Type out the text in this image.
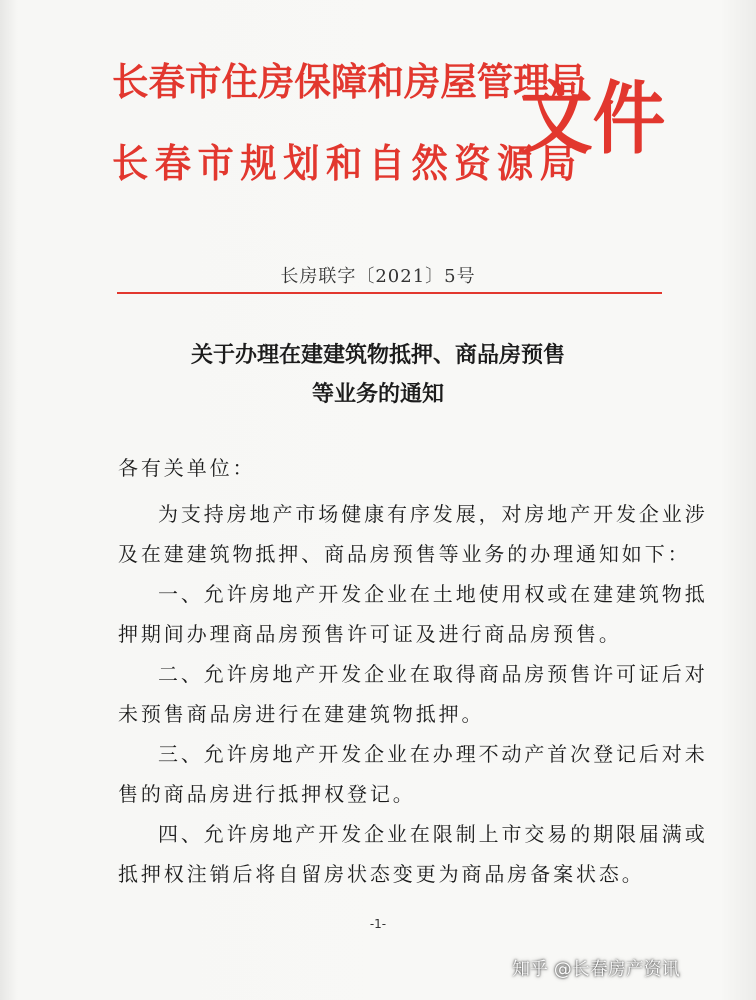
长春市住房保障和房屋管理局
长春市规划和自然资源局
文件
长房联字〔2021〕5号
关于办理在建建筑物抵押、商品房预售
等业务的通知
各有关单位：
为支持房地产市场健康有序发展，对房地产开发企业涉
及在建建筑物抵押、商品房预售等业务的办理通知如下：
一、允许房地产开发企业在土地使用权或在建建筑物抵
押期间办理商品房预售许可证及进行商品房预售。
二、允许房地产开发企业在取得商品房预售许可证后对
未预售商品房进行在建建筑物抵押。
三、允许房地产开发企业在办理不动产首次登记后对未
售的商品房进行抵押权登记。
四、允许房地产开发企业在限制上市交易的期限届满或
抵押权注销后将自留房状态变更为商品房备案状态。
-1-
知乎 @长春房产资讯
